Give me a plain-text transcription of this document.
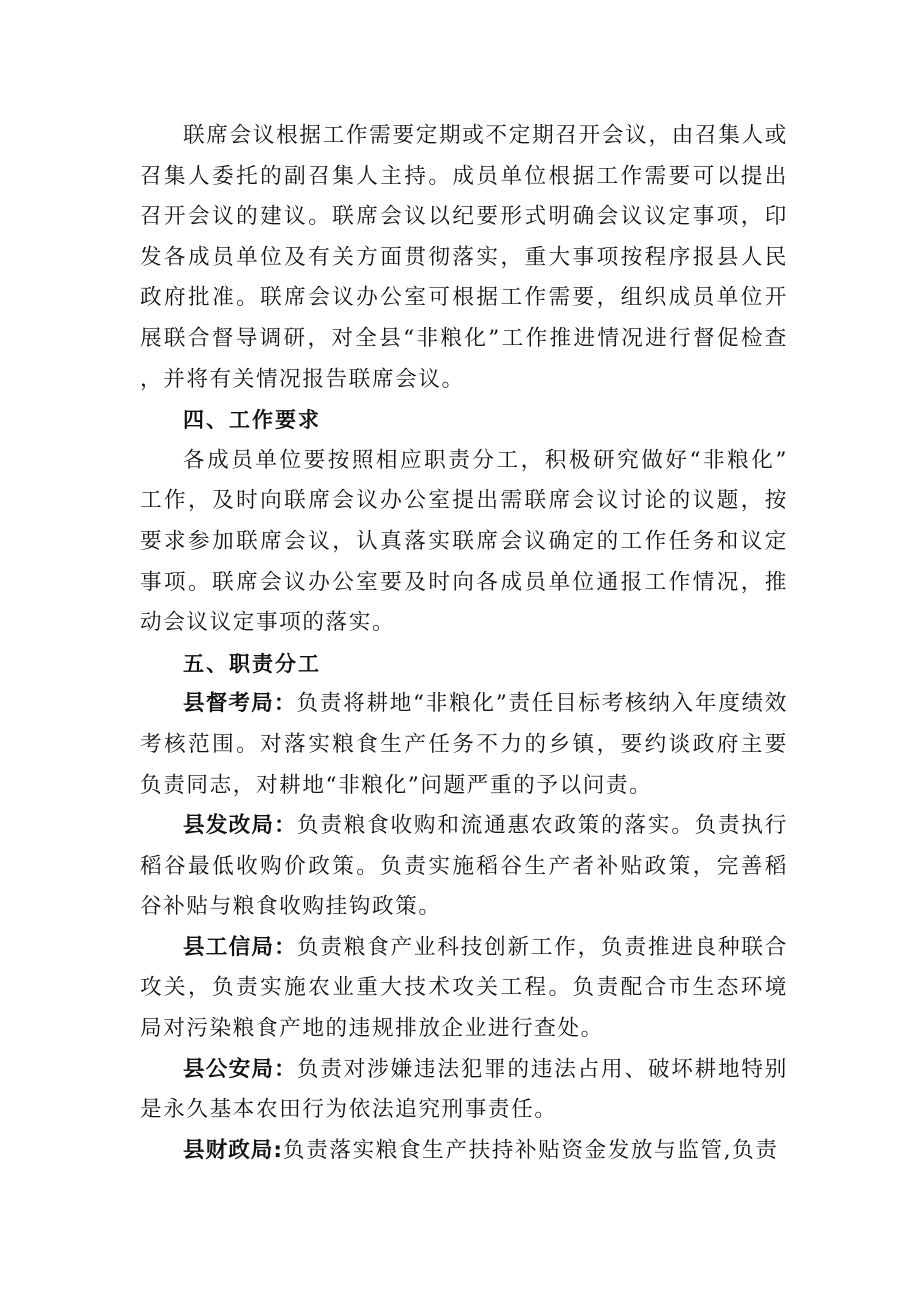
联席会议根据工作需要定期或不定期召开会议，由召集人或召集人委托的副召集人主持。成员单位根据工作需要可以提出召开会议的建议。联席会议以纪要形式明确会议议定事项，印发各成员单位及有关方面贯彻落实，重大事项按程序报县人民政府批准。联席会议办公室可根据工作需要，组织成员单位开展联合督导调研，对全县“非粮化”工作推进情况进行督促检查，并将有关情况报告联席会议。

四、工作要求

各成员单位要按照相应职责分工，积极研究做好“非粮化”工作，及时向联席会议办公室提出需联席会议讨论的议题，按要求参加联席会议，认真落实联席会议确定的工作任务和议定事项。联席会议办公室要及时向各成员单位通报工作情况，推动会议议定事项的落实。

五、职责分工

县督考局：负责将耕地“非粮化”责任目标考核纳入年度绩效考核范围。对落实粮食生产任务不力的乡镇，要约谈政府主要负责同志，对耕地“非粮化”问题严重的予以问责。

县发改局：负责粮食收购和流通惠农政策的落实。负责执行稻谷最低收购价政策。负责实施稻谷生产者补贴政策，完善稻谷补贴与粮食收购挂钩政策。

县工信局：负责粮食产业科技创新工作，负责推进良种联合攻关，负责实施农业重大技术攻关工程。负责配合市生态环境局对污染粮食产地的违规排放企业进行查处。

县公安局：负责对涉嫌违法犯罪的违法占用、破坏耕地特别是永久基本农田行为依法追究刑事责任。

县财政局:负责落实粮食生产扶持补贴资金发放与监管,负责
